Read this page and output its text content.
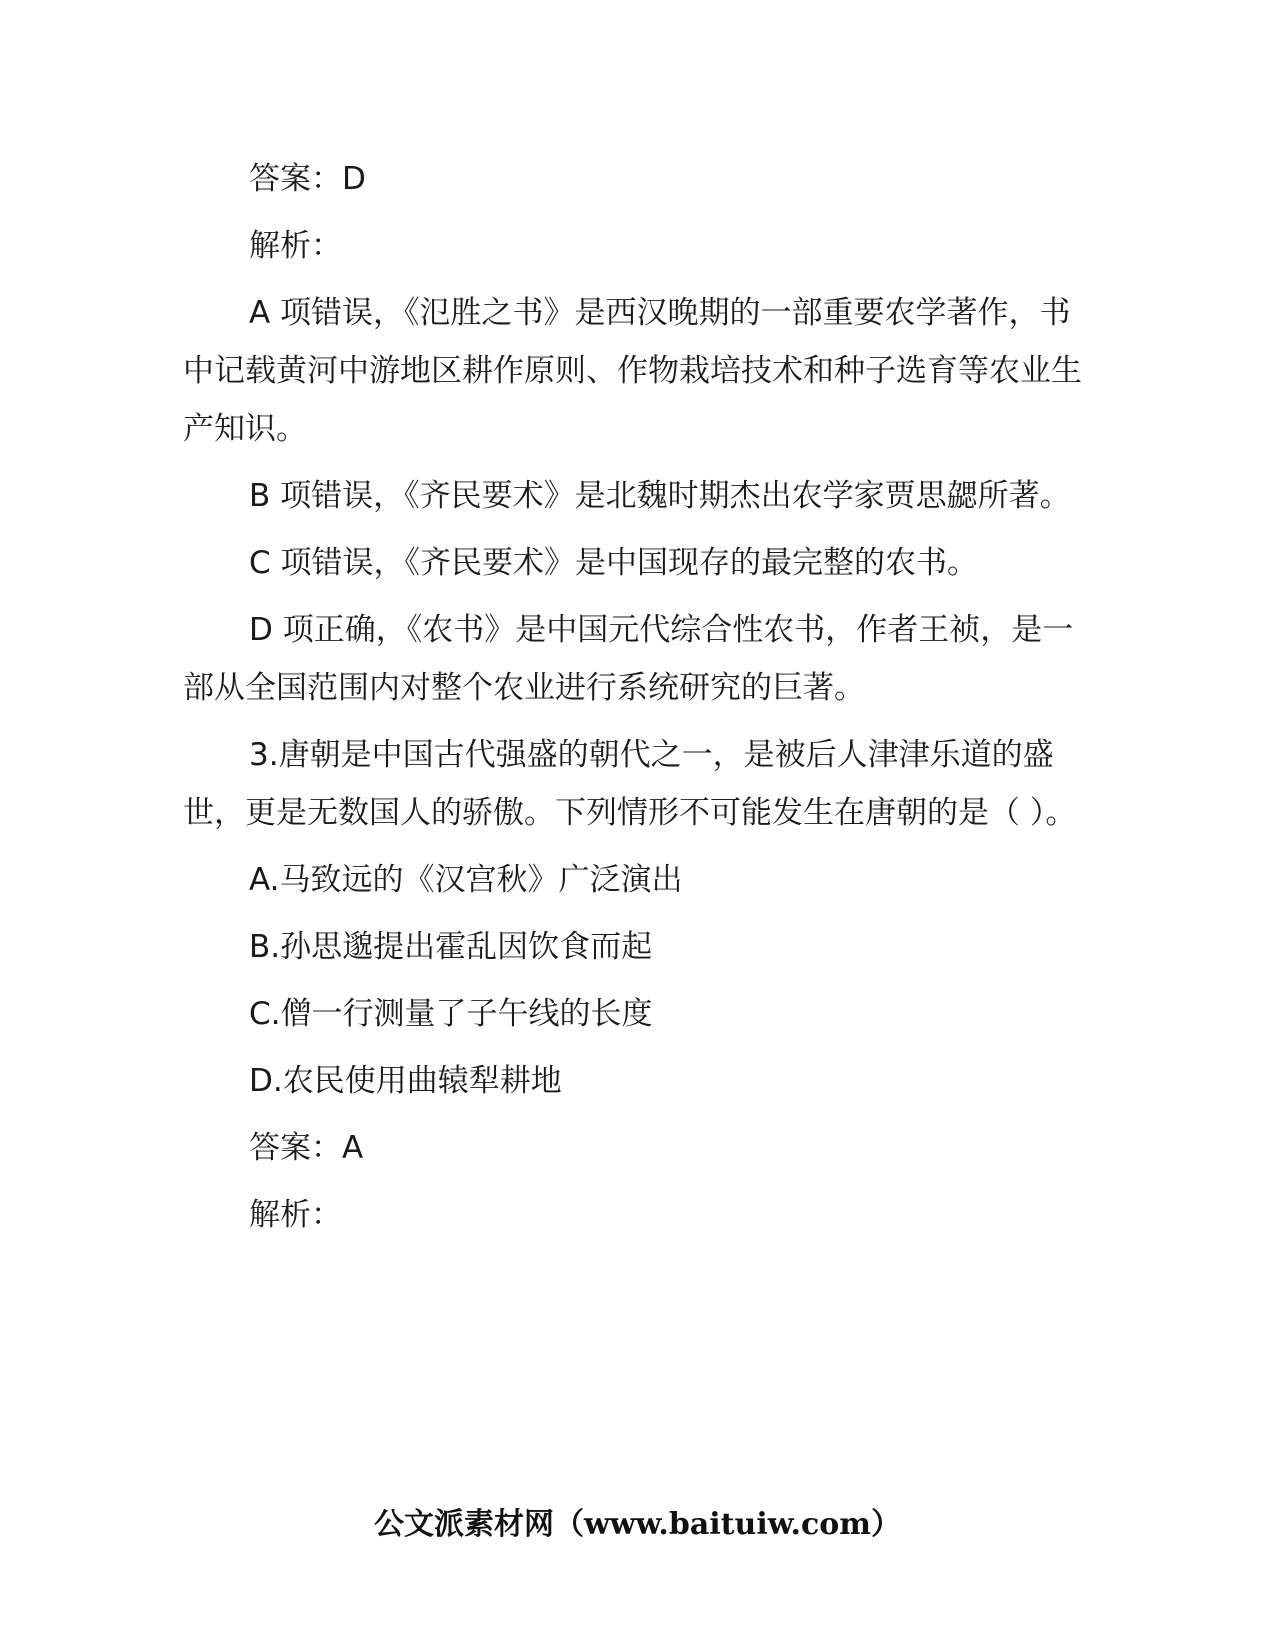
答案：D

解析：

A 项错误，《氾胜之书》是西汉晚期的一部重要农学著作，书中记载黄河中游地区耕作原则、作物栽培技术和种子选育等农业生产知识。

B 项错误，《齐民要术》是北魏时期杰出农学家贾思勰所著。

C 项错误，《齐民要术》是中国现存的最完整的农书。

D 项正确，《农书》是中国元代综合性农书，作者王祯，是一部从全国范围内对整个农业进行系统研究的巨著。

3.唐朝是中国古代强盛的朝代之一，是被后人津津乐道的盛世，更是无数国人的骄傲。下列情形不可能发生在唐朝的是（ ）。

A.马致远的《汉宫秋》广泛演出

B.孙思邈提出霍乱因饮食而起

C.僧一行测量了子午线的长度

D.农民使用曲辕犁耕地

答案：A

解析：

公文派素材网（www.baituiw.com）
